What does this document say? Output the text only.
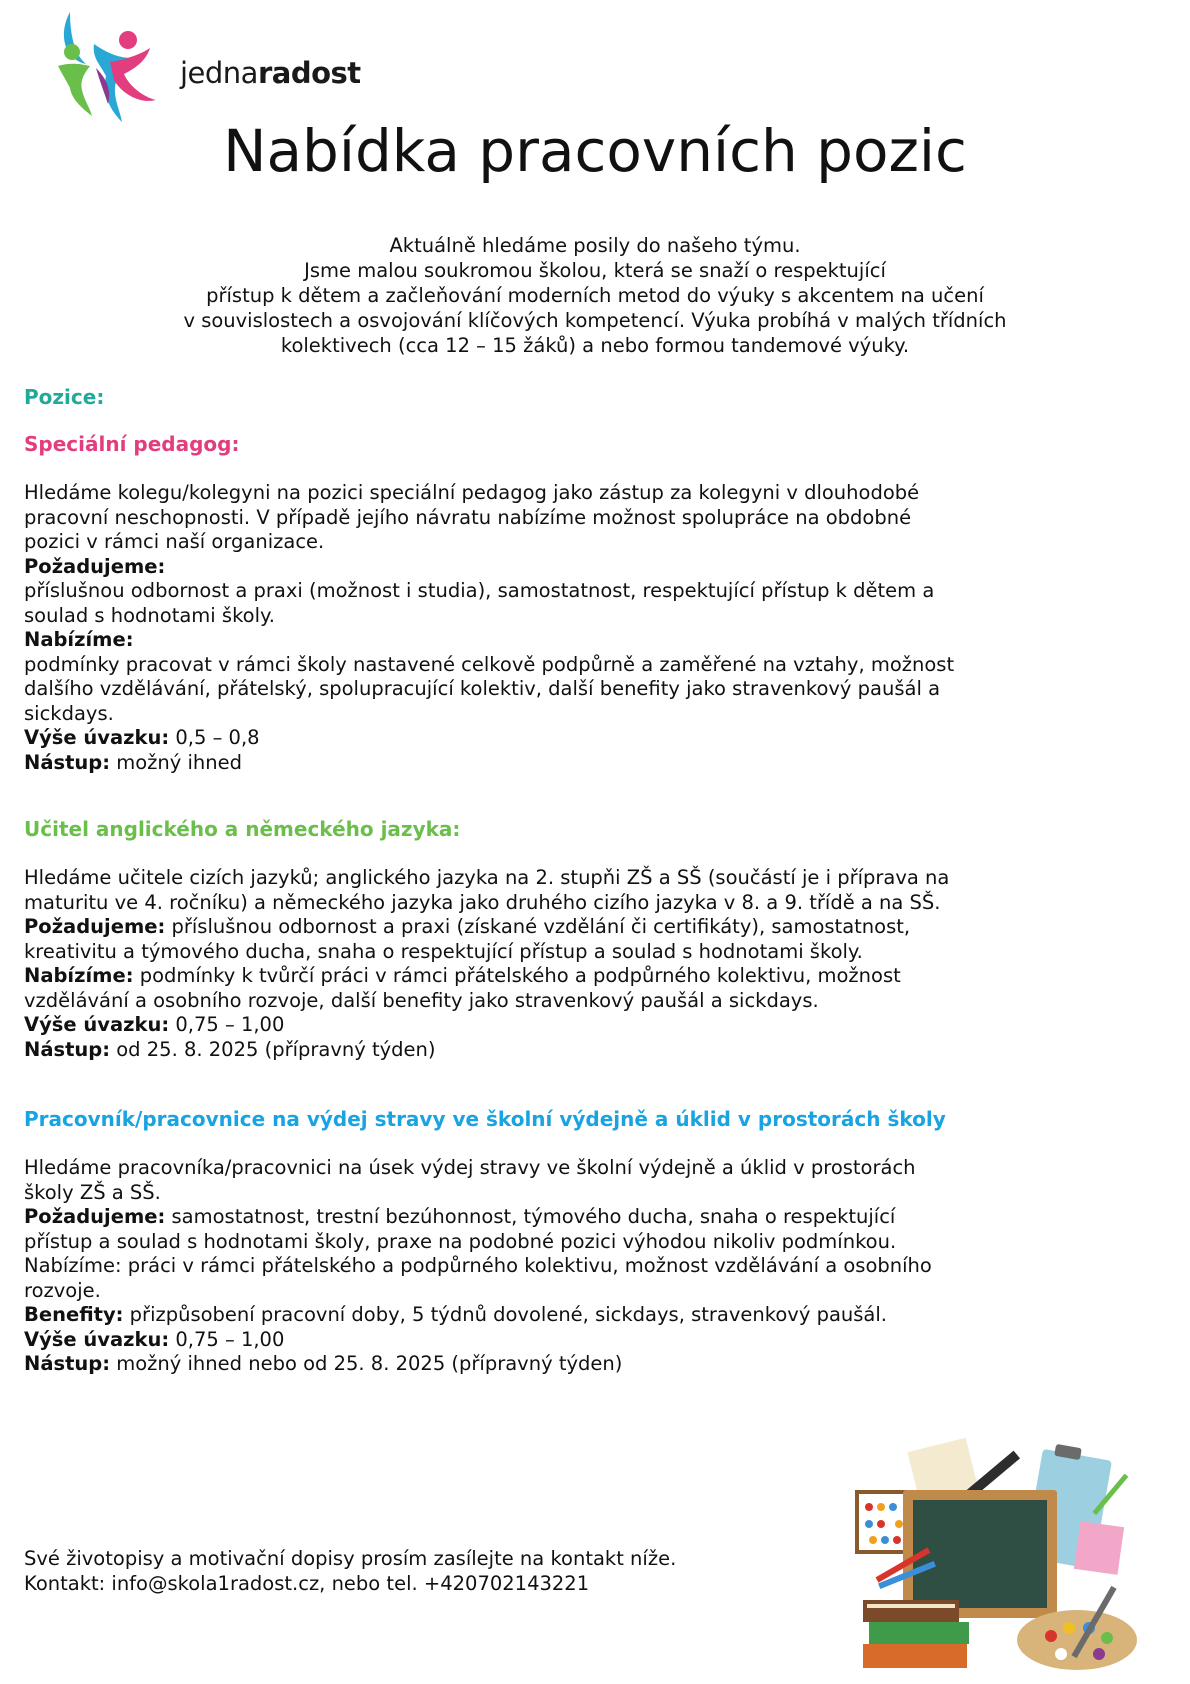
jednaradost
Nabídka pracovních pozic
Aktuálně hledáme posily do našeho týmu.
Jsme malou soukromou školou, která se snaží o respektující
přístup k dětem a začleňování moderních metod do výuky s akcentem na učení
v souvislostech a osvojování klíčových kompetencí. Výuka probíhá v malých třídních
kolektivech (cca 12 – 15 žáků) a nebo formou tandemové výuky.
Pozice:
Speciální pedagog:
Hledáme kolegu/kolegyni na pozici speciální pedagog jako zástup za kolegyni v dlouhodobé
pracovní neschopnosti. V případě jejího návratu nabízíme možnost spolupráce na obdobné
pozici v rámci naší organizace.
Požadujeme:
příslušnou odbornost a praxi (možnost i studia), samostatnost, respektující přístup k dětem a
soulad s hodnotami školy.
Nabízíme:
podmínky pracovat v rámci školy nastavené celkově podpůrně a zaměřené na vztahy, možnost
dalšího vzdělávání, přátelský, spolupracující kolektiv, další benefity jako stravenkový paušál a
sickdays.
Výše úvazku: 0,5 – 0,8
Nástup: možný ihned
Učitel anglického a německého jazyka:
Hledáme učitele cizích jazyků; anglického jazyka na 2. stupňi ZŠ a SŠ (součástí je i příprava na
maturitu ve 4. ročníku) a německého jazyka jako druhého cizího jazyka v 8. a 9. třídě a na SŠ.
Požadujeme: příslušnou odbornost a praxi (získané vzdělání či certifikáty), samostatnost,
kreativitu a týmového ducha, snaha o respektující přístup a soulad s hodnotami školy.
Nabízíme: podmínky k tvůrčí práci v rámci přátelského a podpůrného kolektivu, možnost
vzdělávání a osobního rozvoje, další benefity jako stravenkový paušál a sickdays.
Výše úvazku: 0,75 – 1,00
Nástup: od 25. 8. 2025 (přípravný týden)
Pracovník/pracovnice na výdej stravy ve školní výdejně a úklid v prostorách školy
Hledáme pracovníka/pracovnici na úsek výdej stravy ve školní výdejně a úklid v prostorách
školy ZŠ a SŠ.
Požadujeme: samostatnost, trestní bezúhonnost, týmového ducha, snaha o respektující
přístup a soulad s hodnotami školy, praxe na podobné pozici výhodou nikoliv podmínkou.
Nabízíme: práci v rámci přátelského a podpůrného kolektivu, možnost vzdělávání a osobního
rozvoje.
Benefity: přizpůsobení pracovní doby, 5 týdnů dovolené, sickdays, stravenkový paušál.
Výše úvazku: 0,75 – 1,00
Nástup: možný ihned nebo od 25. 8. 2025 (přípravný týden)
Své životopisy a motivační dopisy prosím zasílejte na kontakt níže.
Kontakt: info@skola1radost.cz, nebo tel. +420702143221
